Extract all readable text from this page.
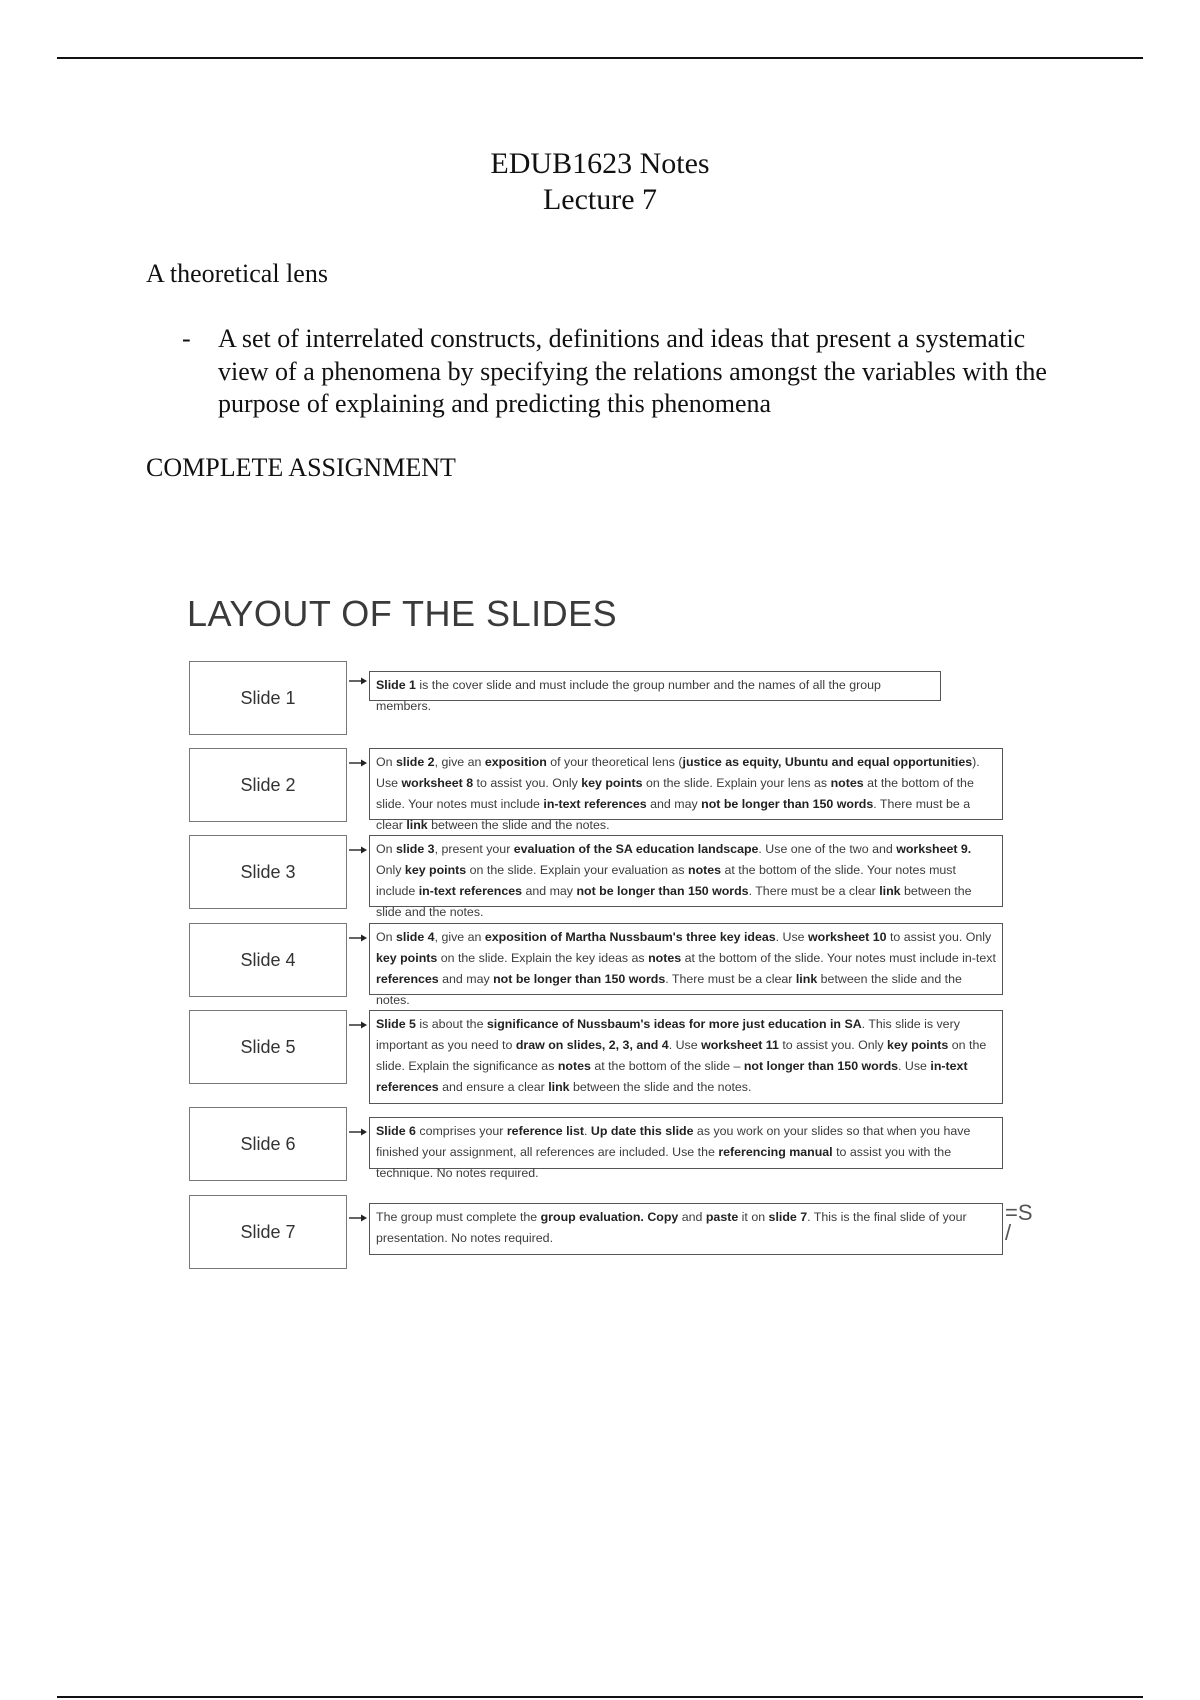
EDUB1623 Notes
Lecture 7
A theoretical lens
- A set of interrelated constructs, definitions and ideas that present a systematic view of a phenomena by specifying the relations amongst the variables with the purpose of explaining and predicting this phenomena
COMPLETE ASSIGNMENT
LAYOUT OF THE SLIDES
Slide 1
Slide 1 is the cover slide and must include the group number and the names of all the group members.
Slide 2
On slide 2, give an exposition of your theoretical lens (justice as equity, Ubuntu and equal opportunities). Use worksheet 8 to assist you. Only key points on the slide. Explain your lens as notes at the bottom of the slide. Your notes must include in-text references and may not be longer than 150 words. There must be a clear link between the slide and the notes.
Slide 3
On slide 3, present your evaluation of the SA education landscape. Use one of the two and worksheet 9. Only key points on the slide. Explain your evaluation as notes at the bottom of the slide. Your notes must include in-text references and may not be longer than 150 words. There must be a clear link between the slide and the notes.
Slide 4
On slide 4, give an exposition of Martha Nussbaum's three key ideas. Use worksheet 10 to assist you. Only key points on the slide. Explain the key ideas as notes at the bottom of the slide. Your notes must include in-text references and may not be longer than 150 words. There must be a clear link between the slide and the notes.
Slide 5
Slide 5 is about the significance of Nussbaum's ideas for more just education in SA. This slide is very important as you need to draw on slides, 2, 3, and 4. Use worksheet 11 to assist you. Only key points on the slide. Explain the significance as notes at the bottom of the slide – not longer than 150 words. Use in-text references and ensure a clear link between the slide and the notes.
Slide 6
Slide 6 comprises your reference list. Up date this slide as you work on your slides so that when you have finished your assignment, all references are included. Use the referencing manual to assist you with the technique. No notes required.
Slide 7
The group must complete the group evaluation. Copy and paste it on slide 7. This is the final slide of your presentation. No notes required.
=S
/
